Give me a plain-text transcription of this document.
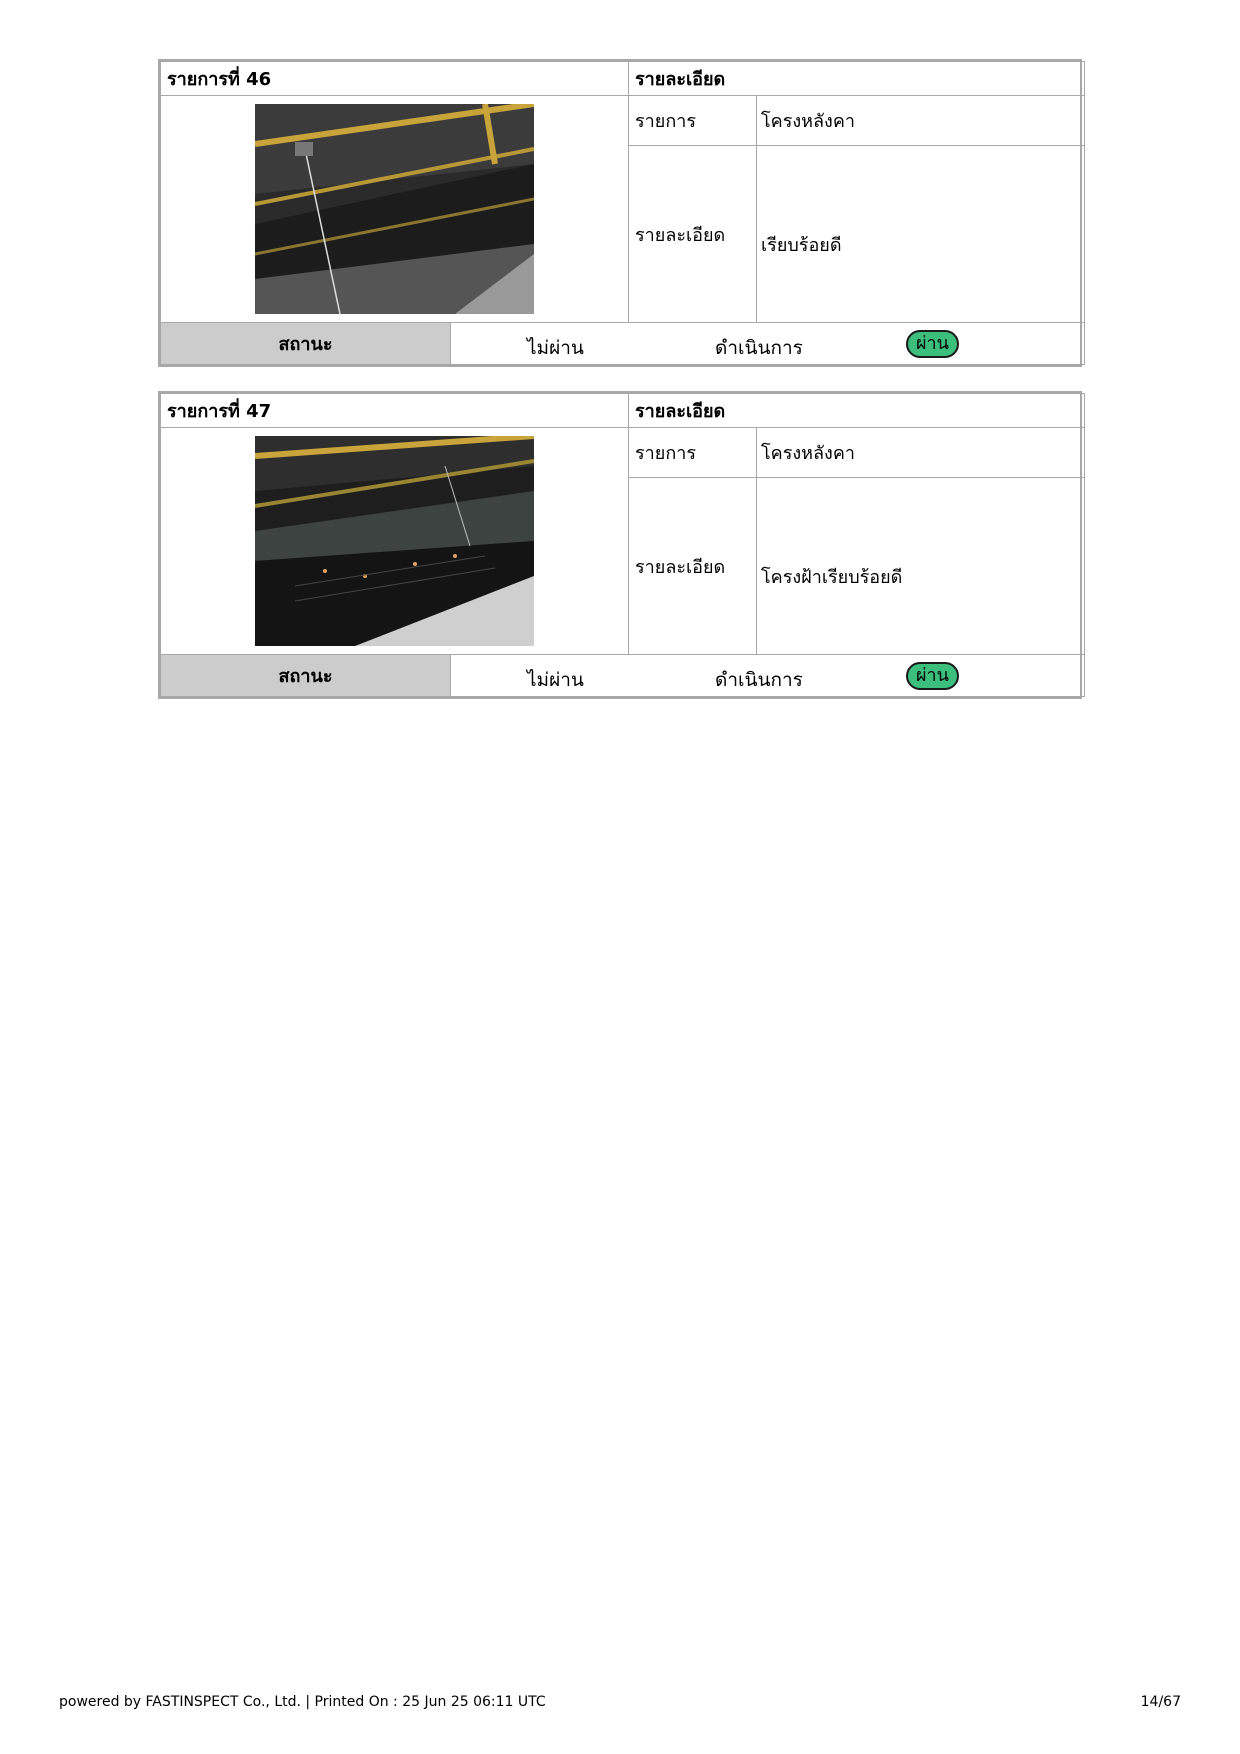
รายการที่ 46		รายละเอียด	
	รายการ	โครงหลังคา
		รายละเอียด	เรียบร้อยดี
สถานะ	ไม่ผ่าน ดำเนินการ ผ่าน		
รายการที่ 47		รายละเอียด	
	รายการ	โครงหลังคา
		รายละเอียด	โครงฝ้าเรียบร้อยดี
สถานะ	ไม่ผ่าน ดำเนินการ ผ่าน		
powered by FASTINSPECT Co., Ltd. | Printed On : 25 Jun 25 06:11 UTC	14/67
